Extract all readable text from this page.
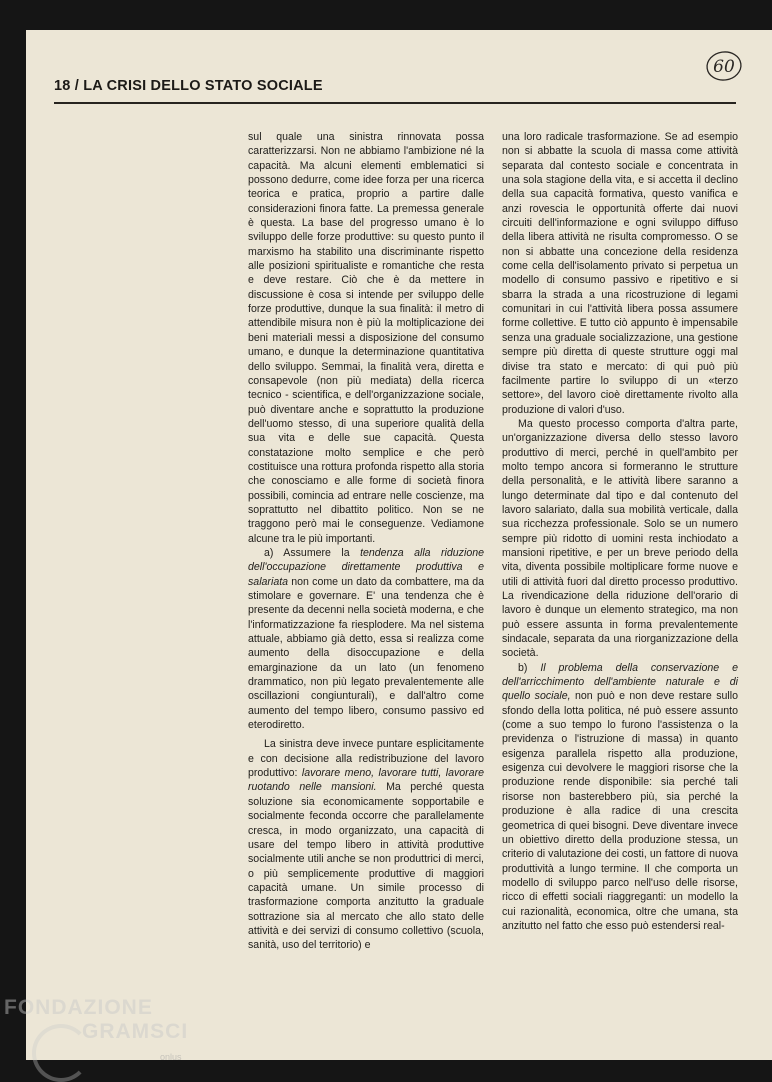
18 / LA CRISI DELLO STATO SOCIALE
60

sul quale una sinistra rinnovata possa caratterizzarsi. Non ne abbiamo l'ambizione né la capacità. Ma alcuni elementi emblematici si possono dedurre, come idee forza per una ricerca teorica e pratica, proprio a partire dalle considerazioni finora fatte. La premessa generale è questa. La base del progresso umano è lo sviluppo delle forze produttive: su questo punto il marxismo ha stabilito una discriminante rispetto alle posizioni spiritualiste e romantiche che resta e deve restare. Ciò che è da mettere in discussione è cosa si intende per sviluppo delle forze produttive, dunque la sua finalità: il metro di attendibile misura non è più la moltiplicazione dei beni materiali messi a disposizione del consumo umano, e dunque la determinazione quantitativa dello sviluppo. Semmai, la finalità vera, diretta e consapevole (non più mediata) della ricerca tecnico - scientifica, e dell'organizzazione sociale, può diventare anche e soprattutto la produzione dell'uomo stesso, di una superiore qualità della sua vita e delle sue capacità. Questa constatazione molto semplice e che però costituisce una rottura profonda rispetto alla storia che conosciamo e alle forme di società finora possibili, comincia ad entrare nelle coscienze, ma soprattutto nel dibattito politico. Non se ne traggono però mai le conseguenze. Vediamone alcune tra le più importanti.

a) Assumere la tendenza alla riduzione dell'occupazione direttamente produttiva e salariata non come un dato da combattere, ma da stimolare e governare. E' una tendenza che è presente da decenni nella società moderna, e che l'informatizzazione fa riesplodere. Ma nel sistema attuale, abbiamo già detto, essa si realizza come aumento della disoccupazione e della emarginazione da un lato (un fenomeno drammatico, non più legato prevalentemente alle oscillazioni congiunturali), e dall'altro come aumento del tempo libero, consumo passivo ed eterodiretto.

La sinistra deve invece puntare esplicitamente e con decisione alla redistribuzione del lavoro produttivo: lavorare meno, lavorare tutti, lavorare ruotando nelle mansioni. Ma perché questa soluzione sia economicamente sopportabile e socialmente feconda occorre che parallelamente cresca, in modo organizzato, una capacità di usare del tempo libero in attività produttive socialmente utili anche se non produttrici di merci, o più semplicemente produttive di maggiori capacità umane. Un simile processo di trasformazione comporta anzitutto la graduale sottrazione sia al mercato che allo stato delle attività e dei servizi di consumo collettivo (scuola, sanità, uso del territorio) e

una loro radicale trasformazione. Se ad esempio non si abbatte la scuola di massa come attività separata dal contesto sociale e concentrata in una sola stagione della vita, e si accetta il declino della sua capacità formativa, questo vanifica e anzi rovescia le opportunità offerte dai nuovi circuiti dell'informazione e ogni sviluppo diffuso della libera attività ne risulta compromesso. O se non si abbatte una concezione della residenza come cella dell'isolamento privato si perpetua un modello di consumo passivo e ripetitivo e si sbarra la strada a una ricostruzione di legami comunitari in cui l'attività libera possa assumere forme collettive. E tutto ciò appunto è impensabile senza una graduale socializzazione, una gestione sempre più diretta di queste strutture oggi mal divise tra stato e mercato: di qui può più facilmente partire lo sviluppo di un «terzo settore», del lavoro cioè direttamente rivolto alla produzione di valori d'uso.

Ma questo processo comporta d'altra parte, un'organizzazione diversa dello stesso lavoro produttivo di merci, perché in quell'ambito per molto tempo ancora si formeranno le strutture della personalità, e le attività libere saranno a lungo determinate dal tipo e dal contenuto del lavoro salariato, dalla sua mobilità verticale, dalla sua ricchezza professionale. Solo se un numero sempre più ridotto di uomini resta inchiodato a mansioni ripetitive, e per un breve periodo della vita, diventa possibile moltiplicare forme nuove e utili di attività fuori dal diretto processo produttivo. La rivendicazione della riduzione dell'orario di lavoro è dunque un elemento strategico, ma non può essere assunta in forma prevalentemente sindacale, separata da una riorganizzazione della società.

b) Il problema della conservazione e dell'arricchimento dell'ambiente naturale e di quello sociale, non può e non deve restare sullo sfondo della lotta politica, né può essere assunto (come a suo tempo lo furono l'assistenza o la previdenza o l'istruzione di massa) in quanto esigenza parallela rispetto alla produzione, esigenza cui devolvere le maggiori risorse che la produzione rende disponibile: sia perché tali risorse non basterebbero più, sia perché la produzione è alla radice di una crescita geometrica di quei bisogni. Deve diventare invece un obiettivo diretto della produzione stessa, un criterio di valutazione dei costi, un fattore di nuova produttività a lungo termine. Il che comporta un modello di sviluppo parco nell'uso delle risorse, ricco di effetti sociali riaggreganti: un modello la cui razionalità, economica, oltre che umana, sta anzitutto nel fatto che esso può estendersi real-

FONDAZIONE
GRAMSCI
onlus
